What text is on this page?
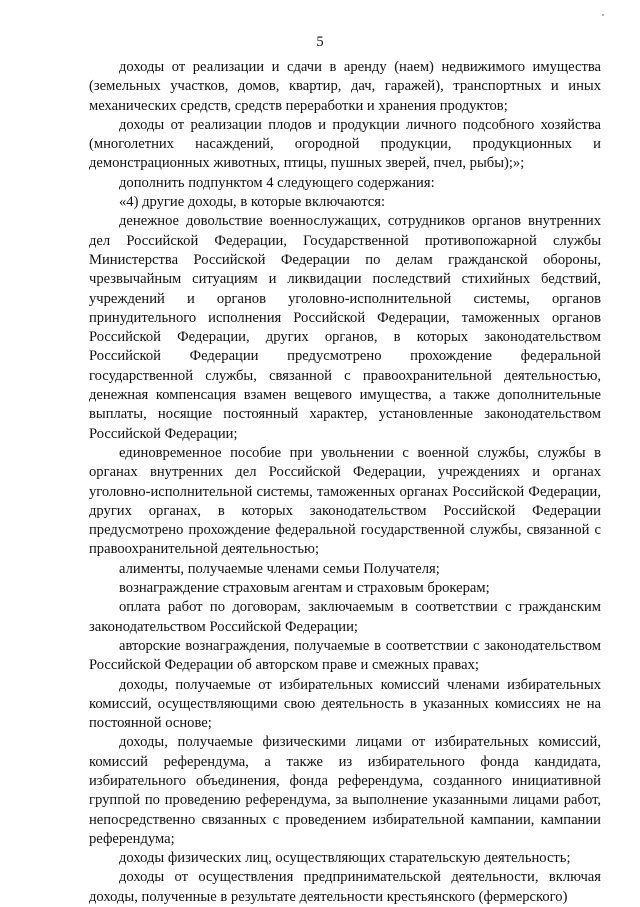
5

доходы от реализации и сдачи в аренду (наем) недвижимого имущества (земельных участков, домов, квартир, дач, гаражей), транспортных и иных механических средств, средств переработки и хранения продуктов;

доходы от реализации плодов и продукции личного подсобного хозяйства (многолетних насаждений, огородной продукции, продукционных и демонстрационных животных, птицы, пушных зверей, пчел, рыбы);»;

дополнить подпунктом 4 следующего содержания:

«4) другие доходы, в которые включаются:

денежное довольствие военнослужащих, сотрудников органов внутренних дел Российской Федерации, Государственной противопожарной службы Министерства Российской Федерации по делам гражданской обороны, чрезвычайным ситуациям и ликвидации последствий стихийных бедствий, учреждений и органов уголовно-исполнительной системы, органов принудительного исполнения Российской Федерации, таможенных органов Российской Федерации, других органов, в которых законодательством Российской Федерации предусмотрено прохождение федеральной государственной службы, связанной с правоохранительной деятельностью, денежная компенсация взамен вещевого имущества, а также дополнительные выплаты, носящие постоянный характер, установленные законодательством Российской Федерации;

единовременное пособие при увольнении с военной службы, службы в органах внутренних дел Российской Федерации, учреждениях и органах уголовно-исполнительной системы, таможенных органах Российской Федерации, других органах, в которых законодательством Российской Федерации предусмотрено прохождение федеральной государственной службы, связанной с правоохранительной деятельностью;

алименты, получаемые членами семьи Получателя;

вознаграждение страховым агентам и страховым брокерам;

оплата работ по договорам, заключаемым в соответствии с гражданским законодательством Российской Федерации;

авторские вознаграждения, получаемые в соответствии с законодательством Российской Федерации об авторском праве и смежных правах;

доходы, получаемые от избирательных комиссий членами избирательных комиссий, осуществляющими свою деятельность в указанных комиссиях не на постоянной основе;

доходы, получаемые физическими лицами от избирательных комиссий, комиссий референдума, а также из избирательного фонда кандидата, избирательного объединения, фонда референдума, созданного инициативной группой по проведению референдума, за выполнение указанными лицами работ, непосредственно связанных с проведением избирательной кампании, кампании референдума;

доходы физических лиц, осуществляющих старательскую деятельность;

доходы от осуществления предпринимательской деятельности, включая доходы, полученные в результате деятельности крестьянского (фермерского)
